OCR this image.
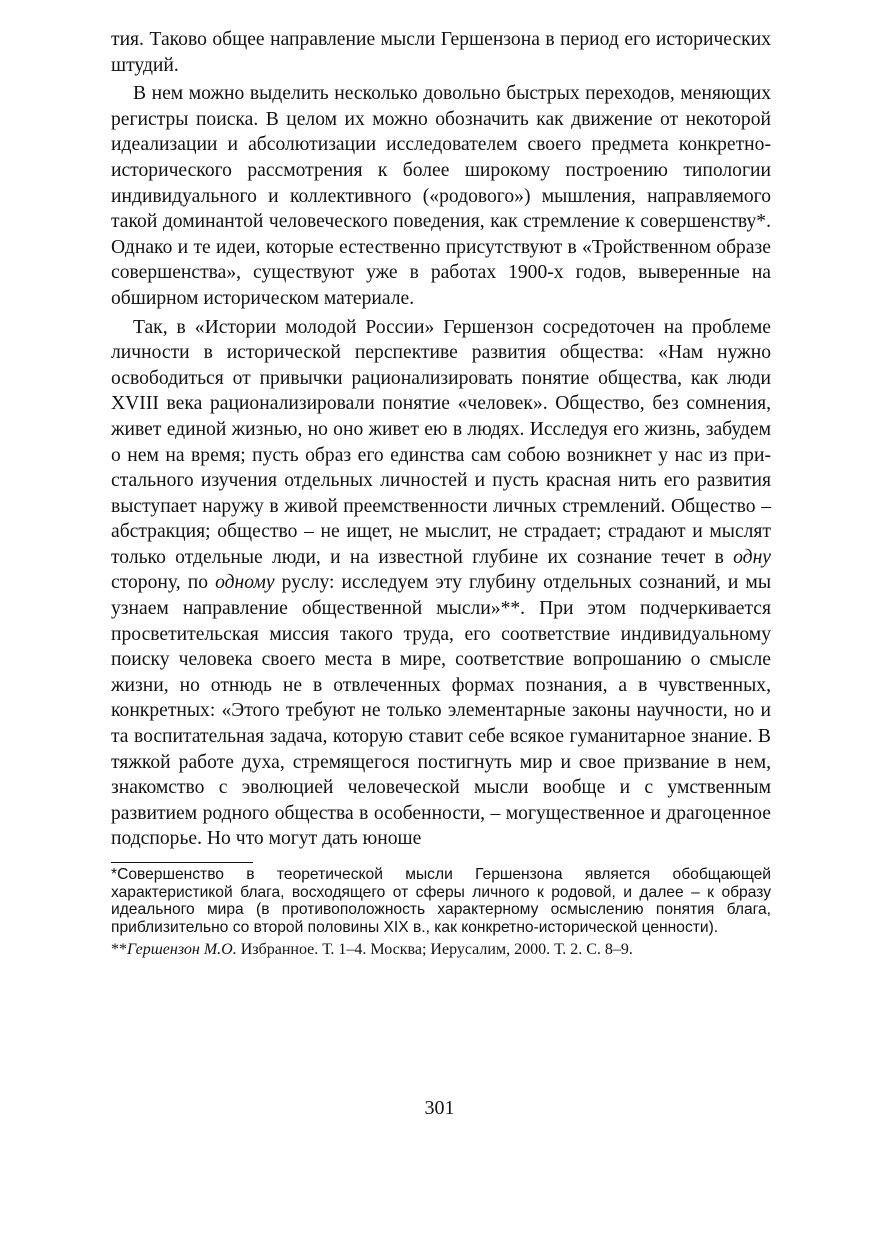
тия. Таково общее направление мысли Гершензона в период его исторических штудий.

В нем можно выделить несколько довольно быстрых переходов, меняющих регистры поиска. В целом их можно обозначить как движение от некоторой идеализации и абсолютизации исследователем своего предмета конкретно-исторического рассмотрения к более широкому построению типологии индивидуального и коллективного («родового») мышления, направляемого такой доминантой человеческого поведения, как стремление к совершенству*. Однако и те идеи, которые естественно присутствуют в «Тройственном образе совершенства», существуют уже в работах 1900-х годов, выверенные на обширном историческом материале.

Так, в «Истории молодой России» Гершензон сосредоточен на проблеме личности в исторической перспективе развития общества: «Нам нужно освободиться от привычки рационализировать понятие общества, как люди XVIII века рационализировали понятие «человек». Общество, без сомнения, живет единой жизнью, но оно живет ею в людях. Исследуя его жизнь, забудем о нем на время; пусть образ его единства сам собою возникнет у нас из пристального изучения отдельных личностей и пусть красная нить его развития выступает наружу в живой преемственности личных стремлений. Общество – абстракция; общество – не ищет, не мыслит, не страдает; страдают и мыслят только отдельные люди, и на известной глубине их сознание течет в одну сторону, по одному руслу: исследуем эту глубину отдельных сознаний, и мы узнаем направление общественной мысли»**. При этом подчеркивается просветительская миссия такого труда, его соответствие индивидуальному поиску человека своего места в мире, соответствие вопрошанию о смысле жизни, но отнюдь не в отвлеченных формах познания, а в чувственных, конкретных: «Этого требуют не только элементарные законы научности, но и та воспитательная задача, которую ставит себе всякое гуманитарное знание. В тяжкой работе духа, стремящегося постигнуть мир и свое призвание в нем, знакомство с эволюцией человеческой мысли вообще и с умственным развитием родного общества в особенности, – могущественное и драгоценное подспорье. Но что могут дать юноше

*Совершенство в теоретической мысли Гершензона является обобщающей характеристикой блага, восходящего от сферы личного к родовой, и далее – к образу идеального мира (в противоположность характерному осмыслению понятия блага, приблизительно со второй половины XIX в., как конкретно-исторической ценности).

**Гершензон М.О. Избранное. Т. 1–4. Москва; Иерусалим, 2000. Т. 2. С. 8–9.

301
